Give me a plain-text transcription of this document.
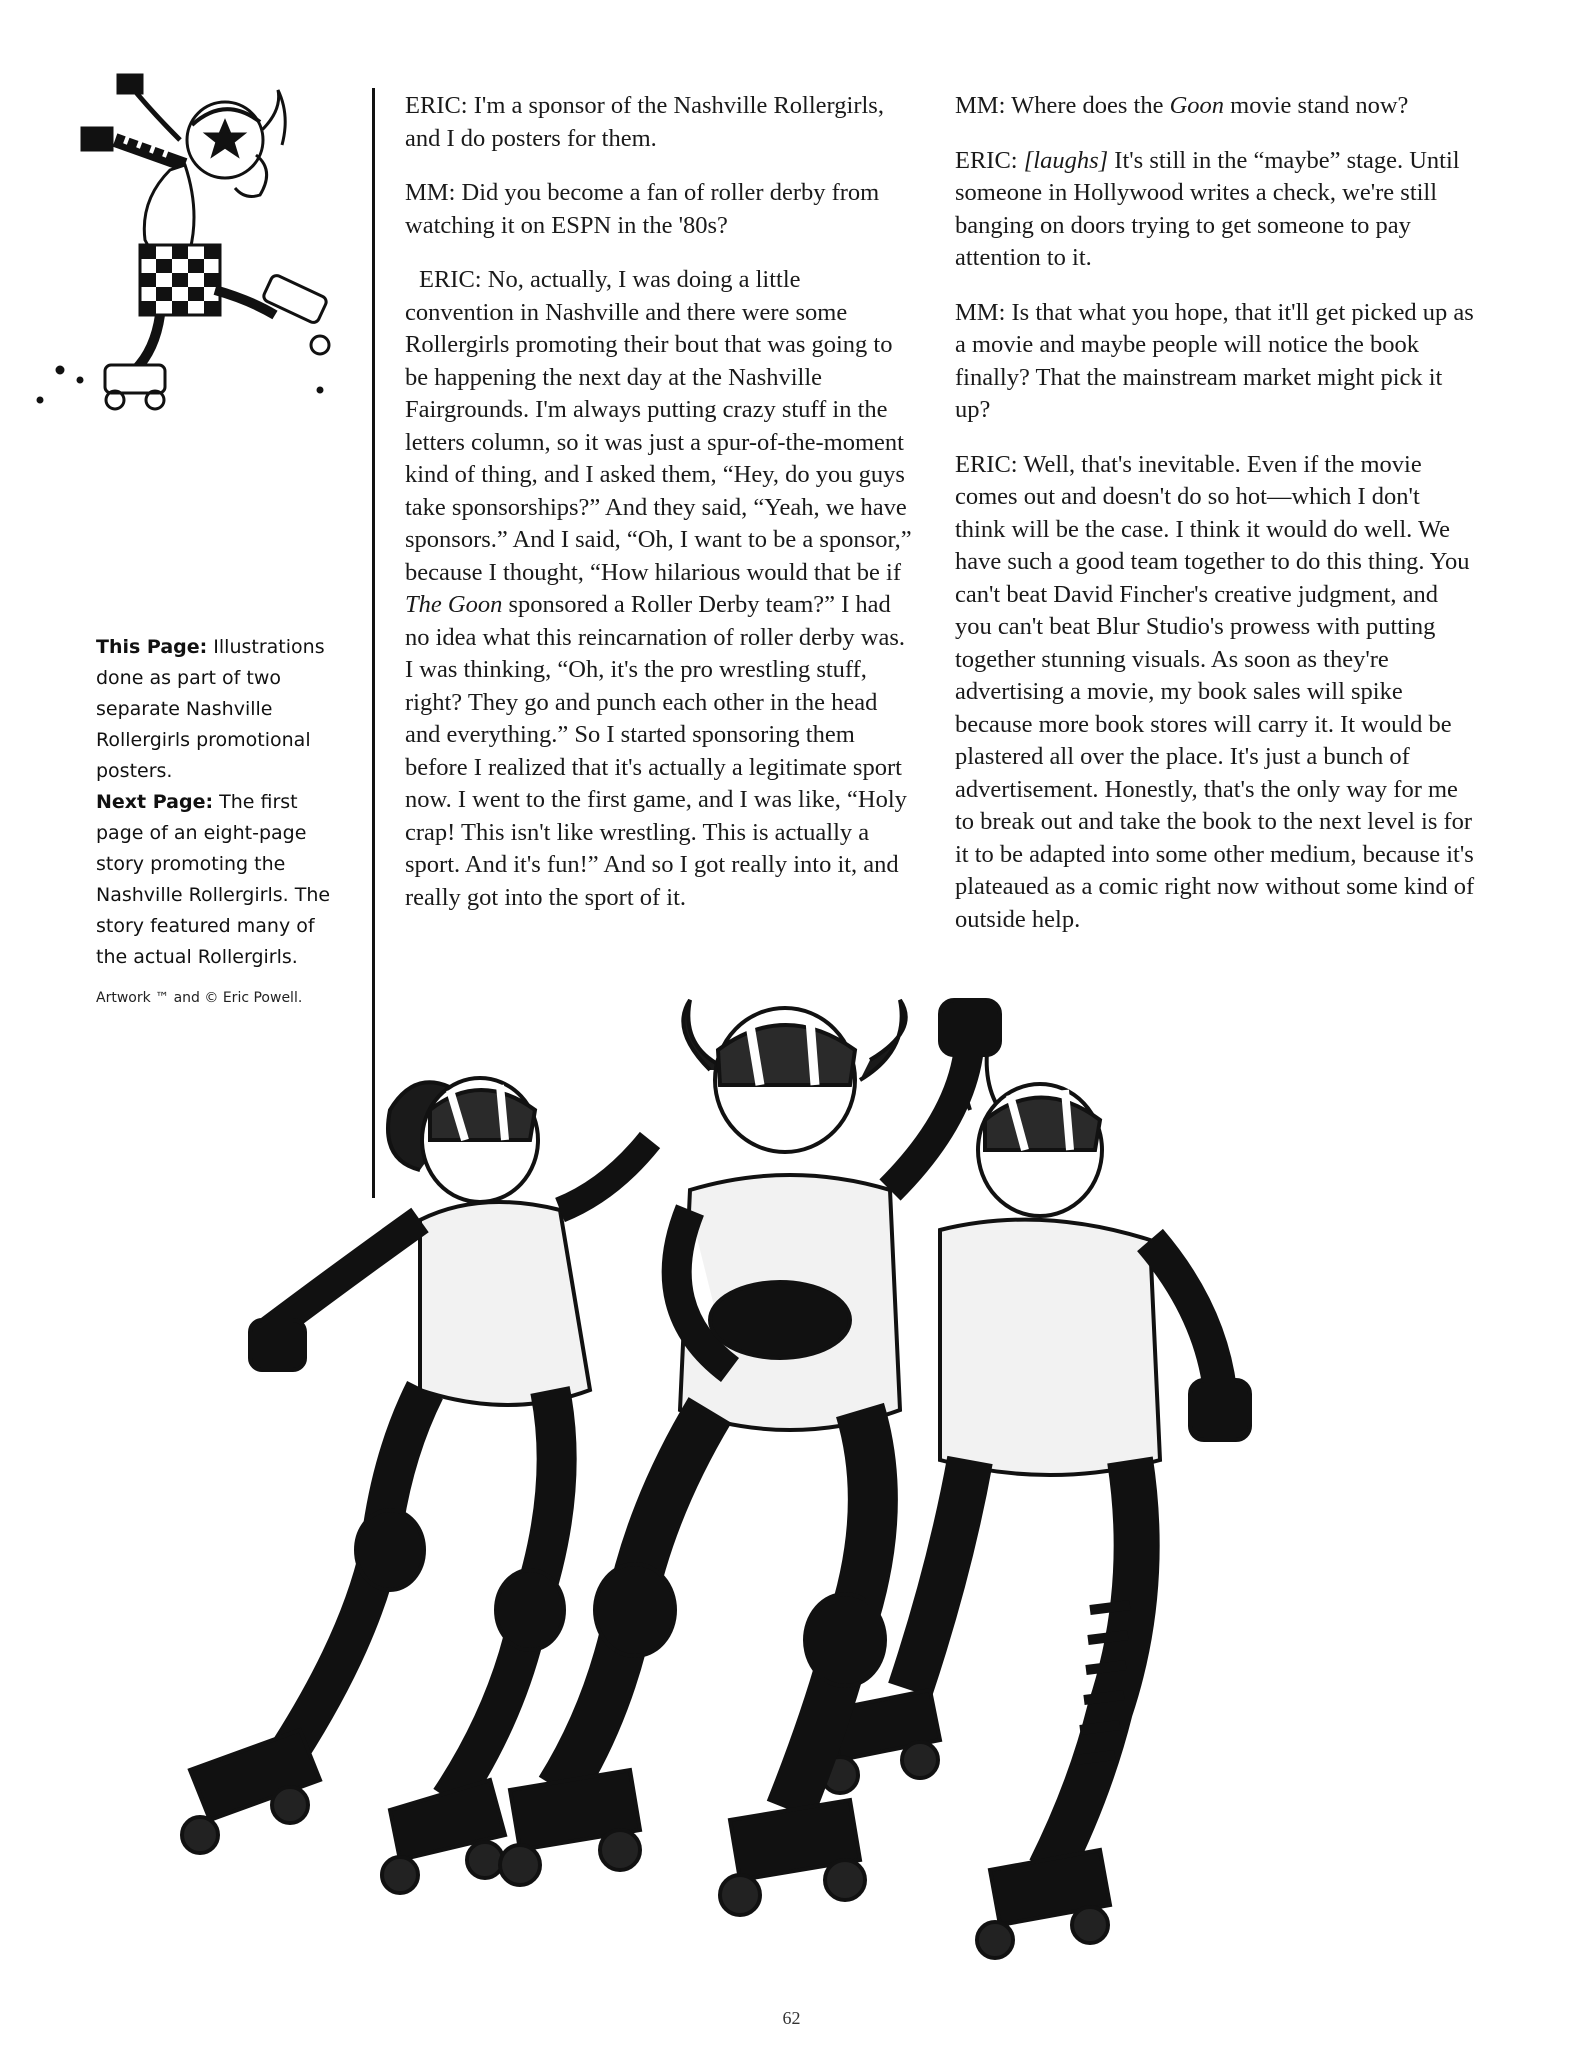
This Page: Illustrations done as part of two separate Nashville Rollergirls promotional posters.

Next Page: The first page of an eight-page story promoting the Nashville Rollergirls. The story featured many of the actual Rollergirls.

Artwork ™ and © Eric Powell.

ERIC: I'm a sponsor of the Nashville Rollergirls, and I do posters for them.

MM: Did you become a fan of roller derby from watching it on ESPN in the '80s?

ERIC: No, actually, I was doing a little convention in Nashville and there were some Rollergirls promoting their bout that was going to be happening the next day at the Nashville Fairgrounds. I'm always putting crazy stuff in the letters column, so it was just a spur-of-the-moment kind of thing, and I asked them, “Hey, do you guys take sponsorships?” And they said, “Yeah, we have sponsors.” And I said, “Oh, I want to be a sponsor,” because I thought, “How hilarious would that be if The Goon sponsored a Roller Derby team?” I had no idea what this reincarnation of roller derby was. I was thinking, “Oh, it's the pro wrestling stuff, right? They go and punch each other in the head and everything.” So I started sponsoring them before I realized that it's actually a legitimate sport now. I went to the first game, and I was like, “Holy crap! This isn't like wrestling. This is actually a sport. And it's fun!” And so I got really into it, and really got into the sport of it.

MM: Where does the Goon movie stand now?

ERIC: [laughs] It's still in the “maybe” stage. Until someone in Hollywood writes a check, we're still banging on doors trying to get someone to pay attention to it.

MM: Is that what you hope, that it'll get picked up as a movie and maybe people will notice the book finally? That the mainstream market might pick it up?

ERIC: Well, that's inevitable. Even if the movie comes out and doesn't do so hot—which I don't think will be the case. I think it would do well. We have such a good team together to do this thing. You can't beat David Fincher's creative judgment, and you can't beat Blur Studio's prowess with putting together stunning visuals. As soon as they're advertising a movie, my book sales will spike because more book stores will carry it. It would be plastered all over the place. It's just a bunch of advertisement. Honestly, that's the only way for me to break out and take the book to the next level is for it to be adapted into some other medium, because it's plateaued as a comic right now without some kind of outside help.

62
